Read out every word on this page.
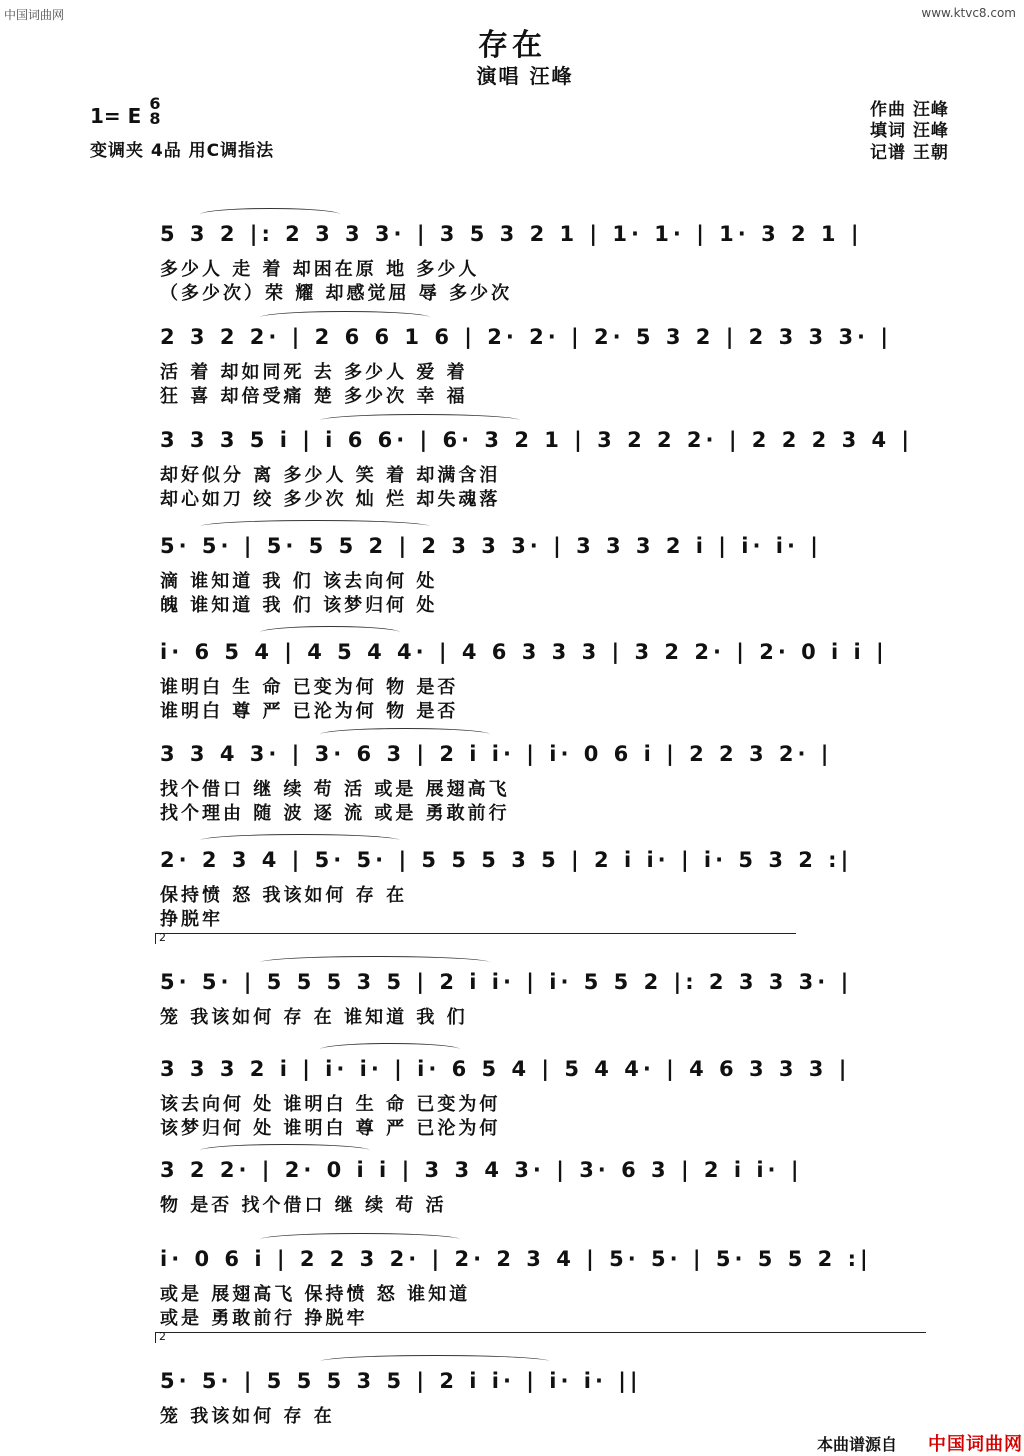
中国词曲网	www.ktvc8.com
存在
演唱 汪峰
1= E
6
8
变调夹 4品 用C调指法
作曲 汪峰
填词 汪峰
记谱 王朝
5 3 2 |: 2 3 3 3· | 3 5 3 2 1 | 1· 1· | 1· 3 2 1 |
多少人 走 着 却困在原 地 多少人
（多少次）荣 耀 却感觉屈 辱 多少次
2 3 2 2· | 2 6 6 1 6 | 2· 2· | 2· 5 3 2 | 2 3 3 3· |
活 着 却如同死 去 多少人 爱 着
狂 喜 却倍受痛 楚 多少次 幸 福
3 3 3 5 i | i 6 6· | 6· 3 2 1 | 3 2 2 2· | 2 2 2 3 4 |
却好似分 离 多少人 笑 着 却满含泪
却心如刀 绞 多少次 灿 烂 却失魂落
5· 5· | 5· 5 5 2 | 2 3 3 3· | 3 3 3 2 i | i· i· |
滴 谁知道 我 们 该去向何 处
魄 谁知道 我 们 该梦归何 处
i· 6 5 4 | 4 5 4 4· | 4 6 3 3 3 | 3 2 2· | 2· 0 i i |
谁明白 生 命 已变为何 物 是否
谁明白 尊 严 已沦为何 物 是否
3 3 4 3· | 3· 6 3 | 2 i i· | i· 0 6 i | 2 2 3 2· |
找个借口 继 续 苟 活 或是 展翅高飞
找个理由 随 波 逐 流 或是 勇敢前行
2· 2 3 4 | 5· 5· | 5 5 5 3 5 | 2 i i· | i· 5 3 2 :|
保持愤 怒 我该如何 存 在
挣脱牢
5· 5· | 5 5 5 3 5 | 2 i i· | i· 5 5 2 |: 2 3 3 3· |
笼 我该如何 存 在 谁知道 我 们
3 3 3 2 i | i· i· | i· 6 5 4 | 5 4 4· | 4 6 3 3 3 |
该去向何 处 谁明白 生 命 已变为何
该梦归何 处 谁明白 尊 严 已沦为何
3 2 2· | 2· 0 i i | 3 3 4 3· | 3· 6 3 | 2 i i· |
物 是否 找个借口 继 续 苟 活
i· 0 6 i | 2 2 3 2· | 2· 2 3 4 | 5· 5· | 5· 5 5 2 :|
或是 展翅高飞 保持愤 怒 谁知道
或是 勇敢前行 挣脱牢
5· 5· | 5 5 5 3 5 | 2 i i· | i· i· ||
笼 我该如何 存 在
2
2
本曲谱源自 中国词曲网
